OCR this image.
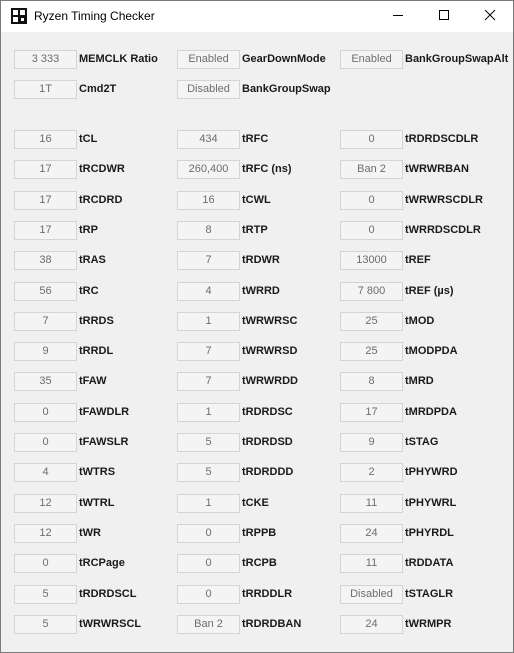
Ryzen Timing Checker
3 333	MEMCLK Ratio	Enabled	GearDownMode	Enabled	BankGroupSwapAlt
1T	Cmd2T	Disabled	BankGroupSwap
16	tCL	434	tRFC	0	tRDRDSCDLR
17	tRCDWR	260,400	tRFC (ns)	Ban 2	tWRWRBAN
17	tRCDRD	16	tCWL	0	tWRWRSCDLR
17	tRP	8	tRTP	0	tWRRDSCDLR
38	tRAS	7	tRDWR	13000	tREF
56	tRC	4	tWRRD	7 800	tREF (µs)
7	tRRDS	1	tWRWRSC	25	tMOD
9	tRRDL	7	tWRWRSD	25	tMODPDA
35	tFAW	7	tWRWRDD	8	tMRD
0	tFAWDLR	1	tRDRDSC	17	tMRDPDA
0	tFAWSLR	5	tRDRDSD	9	tSTAG
4	tWTRS	5	tRDRDDD	2	tPHYWRD
12	tWTRL	1	tCKE	11	tPHYWRL
12	tWR	0	tRPPB	24	tPHYRDL
0	tRCPage	0	tRCPB	11	tRDDATA
5	tRDRDSCL	0	tRRDDLR	Disabled	tSTAGLR
5	tWRWRSCL	Ban 2	tRDRDBAN	24	tWRMPR
